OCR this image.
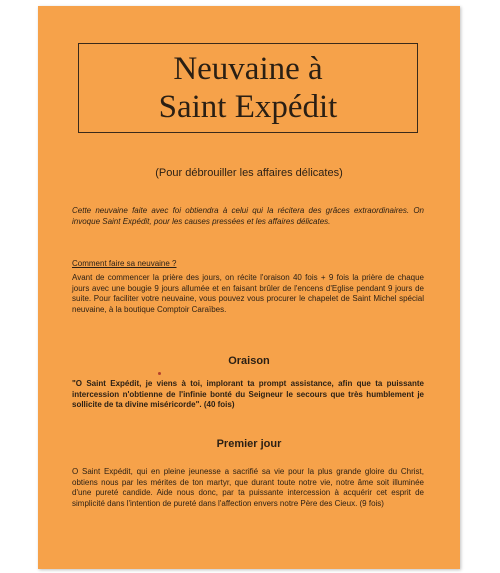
Neuvaine à
Saint Expédit
(Pour débrouiller les affaires délicates)
Cette neuvaine faite avec foi obtiendra à celui qui la récitera des grâces extraordinaires. On invoque Saint Expédit, pour les causes pressées et les affaires délicates.
Comment faire sa neuvaine ?
Avant de commencer la prière des jours, on récite l'oraison 40 fois + 9 fois la prière de chaque jours avec une bougie 9 jours allumée et en faisant brûler de l'encens d'Eglise pendant 9 jours de suite. Pour faciliter votre neuvaine, vous pouvez vous procurer le chapelet de Saint Michel spécial neuvaine, à la boutique Comptoir Caraïbes.
Oraison
"O Saint Expédit, je viens à toi, implorant ta prompt assistance, afin que ta puissante intercession n'obtienne de l'infinie bonté du Seigneur le secours que très humblement je sollicite de ta divine miséricorde". (40 fois)
Premier jour
O Saint Expédit, qui en pleine jeunesse a sacrifié sa vie pour la plus grande gloire du Christ, obtiens nous par les mérites de ton martyr, que durant toute notre vie, notre âme soit illuminée d'une pureté candide. Aide nous donc, par ta puissante intercession à acquérir cet esprit de simplicité dans l'intention de pureté dans l'affection envers notre Père des Cieux. (9 fois)
